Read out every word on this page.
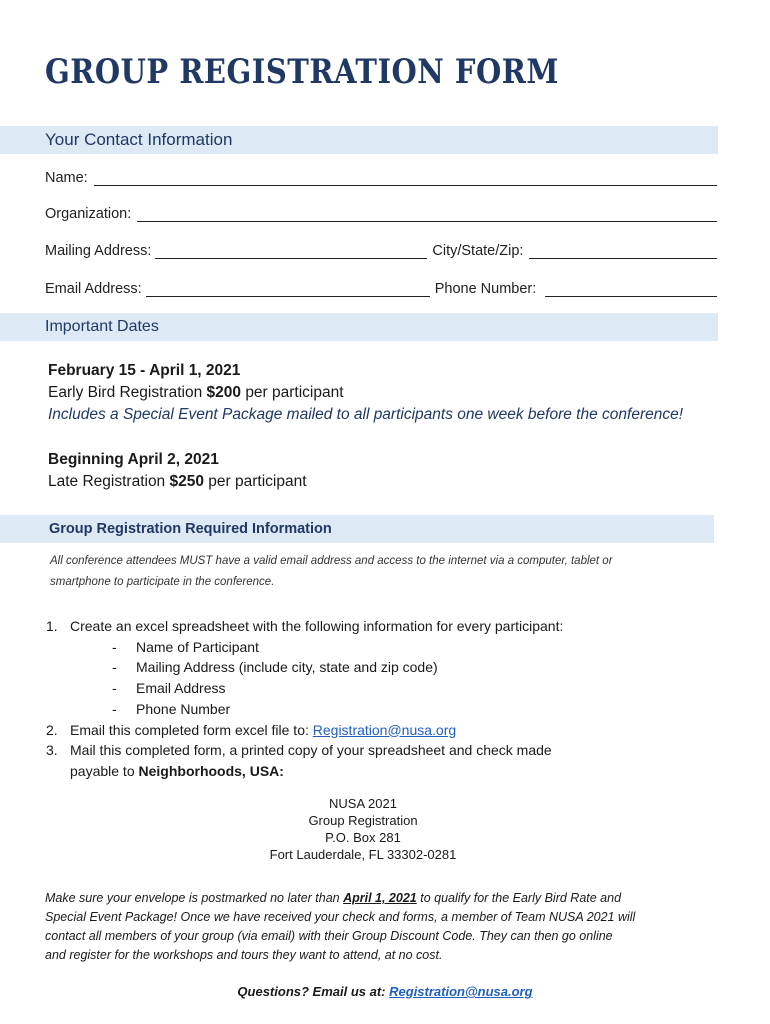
GROUP REGISTRATION FORM
Your Contact Information
Name:
Organization:
Mailing Address:	City/State/Zip:
Email Address:	Phone Number:
Important Dates
February 15 - April 1, 2021
Early Bird Registration $200 per participant
Includes a Special Event Package mailed to all participants one week before the conference!
Beginning April 2, 2021
Late Registration $250 per participant
Group Registration Required Information
All conference attendees MUST have a valid email address and access to the internet via a computer, tablet or
smartphone to participate in the conference.
1. Create an excel spreadsheet with the following information for every participant:
-	Name of Participant
-	Mailing Address (include city, state and zip code)
-	Email Address
-	Phone Number
2. Email this completed form excel file to:
Registration@nusa.org
3. Mail this completed form, a printed copy of your spreadsheet and check made
payable to
Neighborhoods, USA:
NUSA 2021
Group Registration
P.O. Box 281
Fort Lauderdale, FL 33302-0281
Make sure your envelope is postmarked no later than April 1, 2021 to qualify for the Early Bird Rate and
Special Event Package! Once we have received your check and forms, a member of Team NUSA 2021 will
contact all members of your group (via email) with their Group Discount Code. They can then go online
and register for the workshops and tours they want to attend, at no cost.
Questions? Email us at: Registration@nusa.org
